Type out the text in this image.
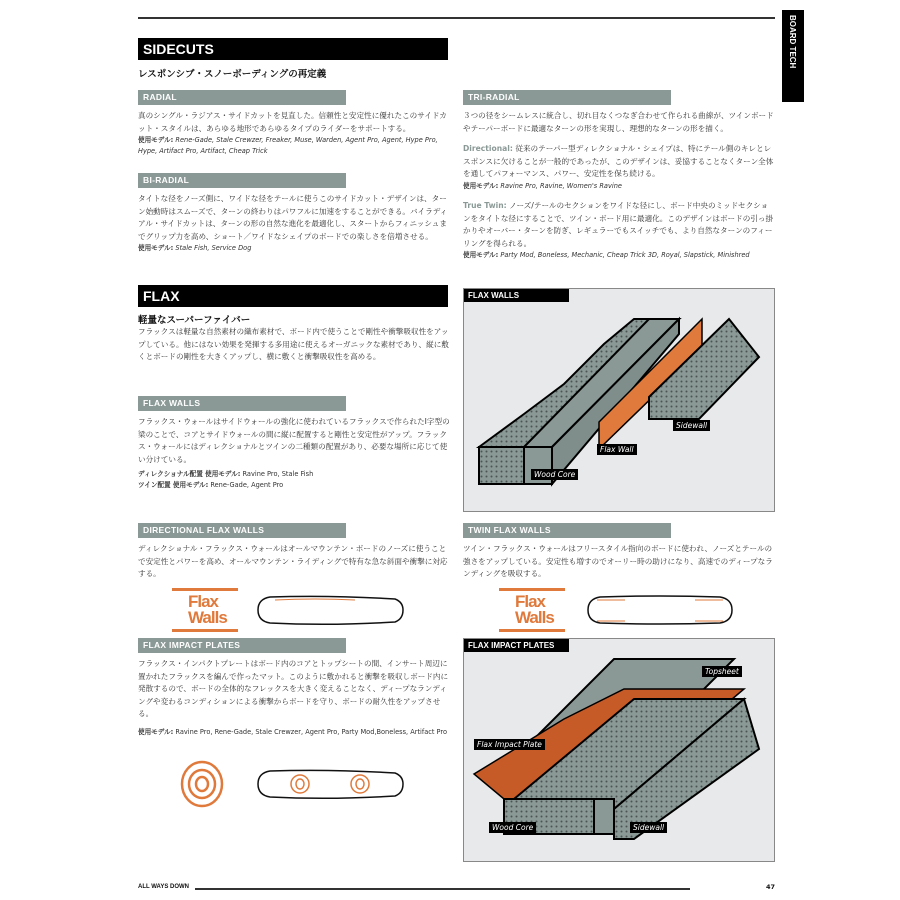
BOARD TECH
SIDECUTS
レスポンシブ・スノーボーディングの再定義
RADIAL
真のシングル・ラジアス・サイドカットを見直した。信頼性と安定性に優れたこのサイドカット・スタイルは、あらゆる地形であらゆるタイプのライダーをサポートする。
使用モデル: Rene-Gade, Stale Crewzer, Freaker, Muse, Warden, Agent Pro, Agent, Hype Pro, Hype, Artifact Pro, Artifact, Cheap Trick
BI-RADIAL
タイトな径をノーズ側に、ワイドな径をテールに使うこのサイドカット・デザインは、ターン始動時はスムーズで、ターンの終わりはパワフルに加速をすることができる。バイラディアル・サイドカットは、ターンの形の自然な進化を最適化し、スタートからフィニッシュまでグリップ力を高め、ショート／ワイドなシェイプのボードでの楽しさを倍増させる。
使用モデル: Stale Fish, Service Dog
FLAX
軽量なスーパーファイバー
フラックスは軽量な自然素材の織布素材で、ボード内で使うことで剛性や衝撃吸収性をアップしている。他にはない効果を発揮する多用途に使えるオーガニックな素材であり、縦に敷くとボードの剛性を大きくアップし、横に敷くと衝撃吸収性を高める。
FLAX WALLS
フラックス・ウォールはサイドウォールの強化に使われているフラックスで作られたI字型の梁のことで、コアとサイドウォールの間に縦に配置すると剛性と安定性がアップ。フラックス・ウォールにはディレクショナルとツインの二種類の配置があり、必要な場所に応じて使い分けている。
ディレクショナル配置 使用モデル: Ravine Pro, Stale Fish
ツイン配置 使用モデル: Rene-Gade, Agent Pro
DIRECTIONAL FLAX WALLS
ディレクショナル・フラックス・ウォールはオールマウンテン・ボードのノーズに使うことで安定性とパワーを高め、オールマウンテン・ライディングで特有な急な斜面や衝撃に対応する。
Flax Walls
FLAX IMPACT PLATES
フラックス・インパクトプレートはボード内のコアとトップシートの間、インサート周辺に置かれたフラックスを編んで作ったマット。このように敷かれると衝撃を吸収しボード内に発散するので、ボードの全体的なフレックスを大きく変えることなく、ディープなランディングや変わるコンディションによる衝撃からボードを守り、ボードの耐久性をアップさせる。
使用モデル: Ravine Pro, Rene-Gade, Stale Crewzer, Agent Pro, Party Mod,Boneless, Artifact Pro
TRI-RADIAL
３つの径をシームレスに統合し、切れ目なくつなぎ合わせて作られる曲線が、ツインボードやテーパーボードに最適なターンの形を実現し、理想的なターンの形を描く。
Directional: 従来のテーパー型ディレクショナル・シェイプは、特にテール側のキレとレスポンスに欠けることが一般的であったが、このデザインは、妥協することなくターン全体を通してパフォーマンス、パワー、安定性を保ち続ける。
使用モデル: Ravine Pro, Ravine, Women's Ravine
True Twin: ノーズ/テールのセクションをワイドな径にし、ボード中央のミッドセクションをタイトな径にすることで、ツイン・ボード用に最適化。このデザインはボードの引っ掛かりやオーバー・ターンを防ぎ、レギュラーでもスイッチでも、より自然なターンのフィーリングを得られる。
使用モデル: Party Mod, Boneless, Mechanic, Cheap Trick 3D, Royal, Slapstick, Minishred
FLAX WALLS
Sidewall
Flax Wall
Wood Core
TWIN FLAX WALLS
ツイン・フラックス・ウォールはフリースタイル指向のボードに使われ、ノーズとテールの強さをアップしている。安定性も増すのでオーリー時の助けになり、高速でのディープなランディングを吸収する。
Flax Walls
FLAX IMPACT PLATES
Topsheet
Flax Impact Plate
Wood Core	Sidewall
ALL WAYS DOWN	47
